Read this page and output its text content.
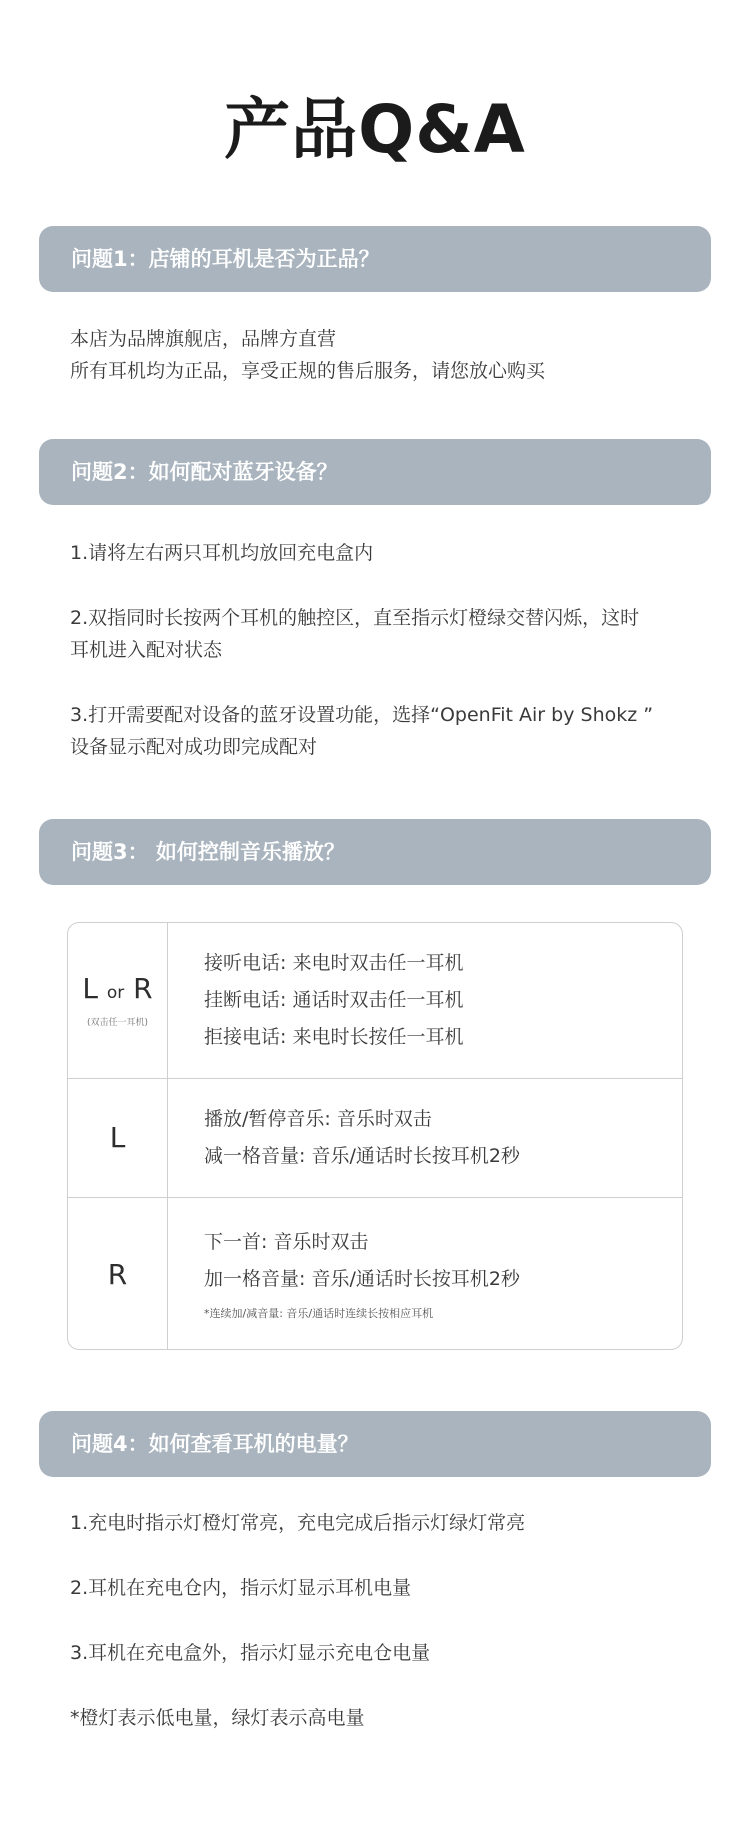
产品Q&A
问题1：店铺的耳机是否为正品？
本店为品牌旗舰店，品牌方直营
所有耳机均为正品，享受正规的售后服务，请您放心购买
问题2：如何配对蓝牙设备？
1.请将左右两只耳机均放回充电盒内
2.双指同时长按两个耳机的触控区，直至指示灯橙绿交替闪烁，这时
耳机进入配对状态
3.打开需要配对设备的蓝牙设置功能，选择“OpenFit Air by Shokz ”
设备显示配对成功即完成配对
问题3： 如何控制音乐播放？
L or R
(双击任一耳机)
接听电话: 来电时双击任一耳机
挂断电话: 通话时双击任一耳机
拒接电话: 来电时长按任一耳机
L
播放/暂停音乐: 音乐时双击
减一格音量: 音乐/通话时长按耳机2秒
R
下一首: 音乐时双击
加一格音量: 音乐/通话时长按耳机2秒
*连续加/减音量: 音乐/通话时连续长按相应耳机
问题4：如何查看耳机的电量？
1.充电时指示灯橙灯常亮，充电完成后指示灯绿灯常亮
2.耳机在充电仓内，指示灯显示耳机电量
3.耳机在充电盒外，指示灯显示充电仓电量
*橙灯表示低电量，绿灯表示高电量
